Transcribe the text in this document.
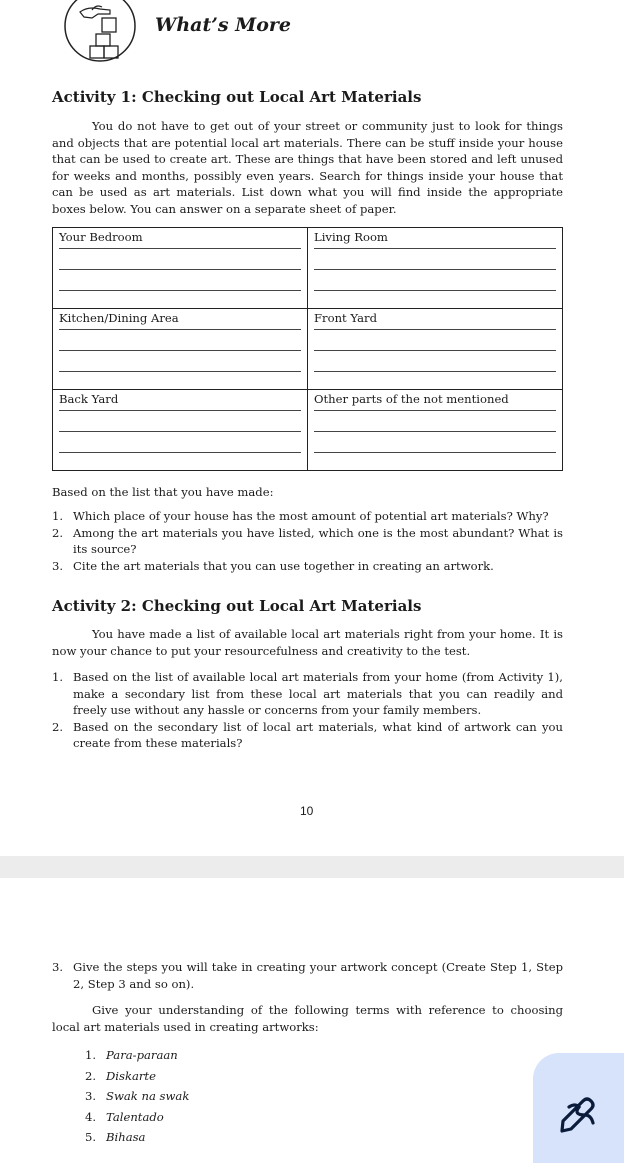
What’s More
Activity 1: Checking out Local Art Materials

You do not have to get out of your street or community just to look for things and objects that are potential local art materials. There can be stuff inside your house that can be used to create art. These are things that have been stored and left unused for weeks and months, possibly even years. Search for things inside your house that can be used as art materials. List down what you will find inside the appropriate boxes below. You can answer on a separate sheet of paper.

Your Bedroom	Living Room

Kitchen/Dining Area	Front Yard

Back Yard	Other parts of the not mentioned
Based on the list that you have made:
1. Which place of your house has the most amount of potential art materials? Why?
2. Among the art materials you have listed, which one is the most abundant? What is its source?
3. Cite the art materials that you can use together in creating an artwork.
Activity 2: Checking out Local Art Materials

You have made a list of available local art materials right from your home. It is now your chance to put your resourcefulness and creativity to the test.

1. Based on the list of available local art materials from your home (from Activity 1), make a secondary list from these local art materials that you can readily and freely use without any hassle or concerns from your family members.
2. Based on the secondary list of local art materials, what kind of artwork can you create from these materials?
10
3. Give the steps you will take in creating your artwork concept (Create Step 1, Step 2, Step 3 and so on).

Give your understanding of the following terms with reference to choosing local art materials used in creating artworks:

1. Para-paraan
2. Diskarte
3. Swak na swak
4. Talentado
5. Bihasa
